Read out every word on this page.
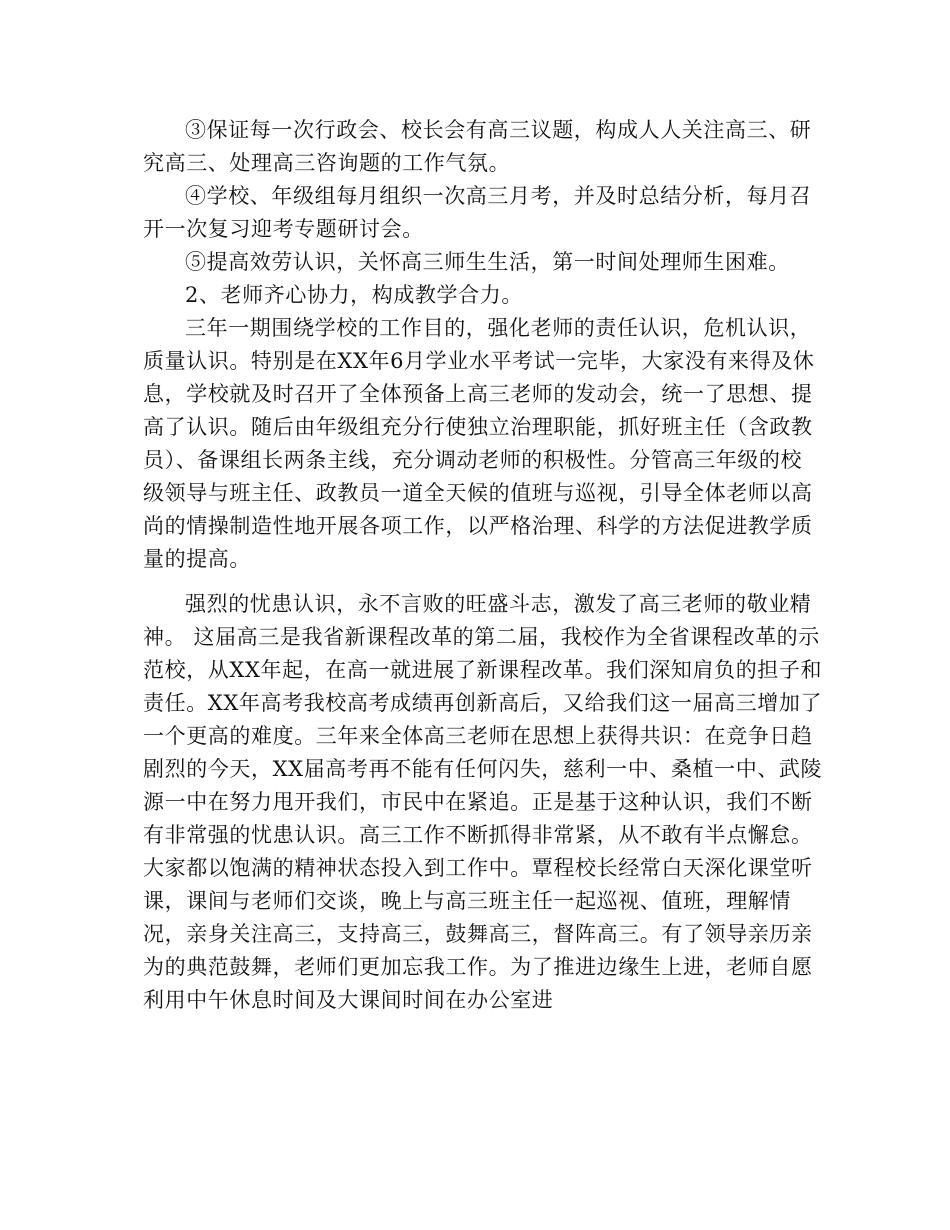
③保证每一次行政会、校长会有高三议题，构成人人关注高三、研究高三、处理高三咨询题的工作气氛。

④学校、年级组每月组织一次高三月考，并及时总结分析，每月召开一次复习迎考专题研讨会。

⑤提高效劳认识，关怀高三师生生活，第一时间处理师生困难。

2、老师齐心协力，构成教学合力。

三年一期围绕学校的工作目的，强化老师的责任认识，危机认识，质量认识。特别是在XX年6月学业水平考试一完毕，大家没有来得及休息，学校就及时召开了全体预备上高三老师的发动会，统一了思想、提高了认识。随后由年级组充分行使独立治理职能，抓好班主任（含政教员）、备课组长两条主线，充分调动老师的积极性。分管高三年级的校级领导与班主任、政教员一道全天候的值班与巡视，引导全体老师以高尚的情操制造性地开展各项工作，以严格治理、科学的方法促进教学质量的提高。

强烈的忧患认识，永不言败的旺盛斗志，激发了高三老师的敬业精神。 这届高三是我省新课程改革的第二届，我校作为全省课程改革的示范校，从XX年起，在高一就进展了新课程改革。我们深知肩负的担子和责任。XX年高考我校高考成绩再创新高后，又给我们这一届高三增加了一个更高的难度。三年来全体高三老师在思想上获得共识：在竞争日趋剧烈的今天，XX届高考再不能有任何闪失，慈利一中、桑植一中、武陵源一中在努力甩开我们，市民中在紧追。正是基于这种认识，我们不断有非常强的忧患认识。高三工作不断抓得非常紧，从不敢有半点懈怠。大家都以饱满的精神状态投入到工作中。覃程校长经常白天深化课堂听课，课间与老师们交谈，晚上与高三班主任一起巡视、值班，理解情况，亲身关注高三，支持高三，鼓舞高三，督阵高三。有了领导亲历亲为的典范鼓舞，老师们更加忘我工作。为了推进边缘生上进，老师自愿利用中午休息时间及大课间时间在办公室进
